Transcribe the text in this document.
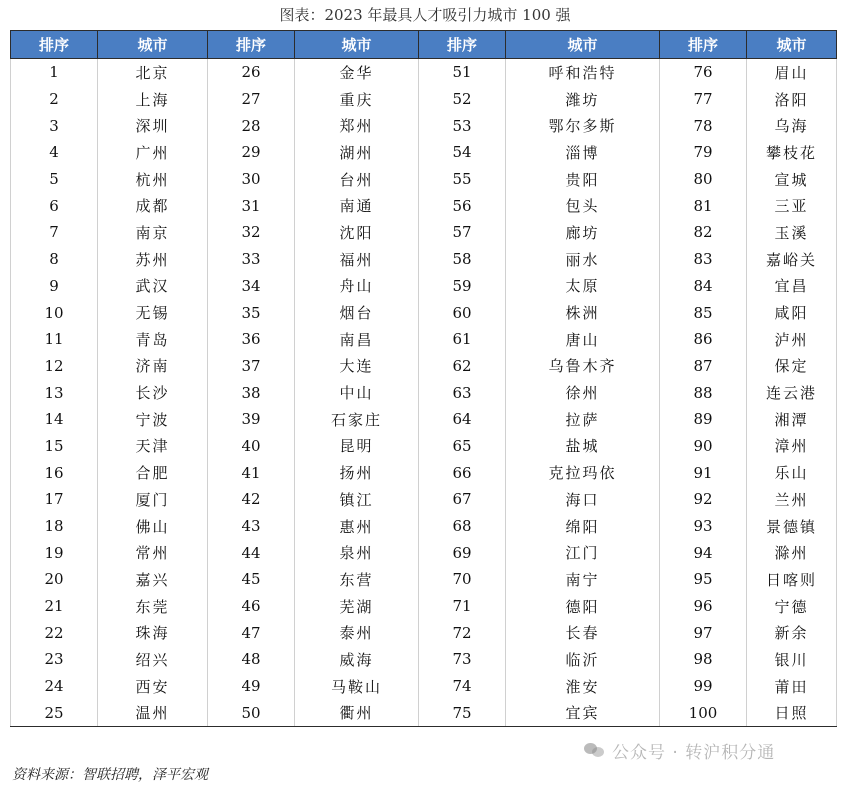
图表：2023 年最具人才吸引力城市 100 强
排序	城市	排序	城市	排序	城市	排序	城市
1	北京	26	金华	51	呼和浩特	76	眉山
2	上海	27	重庆	52	潍坊	77	洛阳
3	深圳	28	郑州	53	鄂尔多斯	78	乌海
4	广州	29	湖州	54	淄博	79	攀枝花
5	杭州	30	台州	55	贵阳	80	宣城
6	成都	31	南通	56	包头	81	三亚
7	南京	32	沈阳	57	廊坊	82	玉溪
8	苏州	33	福州	58	丽水	83	嘉峪关
9	武汉	34	舟山	59	太原	84	宜昌
10	无锡	35	烟台	60	株洲	85	咸阳
11	青岛	36	南昌	61	唐山	86	泸州
12	济南	37	大连	62	乌鲁木齐	87	保定
13	长沙	38	中山	63	徐州	88	连云港
14	宁波	39	石家庄	64	拉萨	89	湘潭
15	天津	40	昆明	65	盐城	90	漳州
16	合肥	41	扬州	66	克拉玛依	91	乐山
17	厦门	42	镇江	67	海口	92	兰州
18	佛山	43	惠州	68	绵阳	93	景德镇
19	常州	44	泉州	69	江门	94	滁州
20	嘉兴	45	东营	70	南宁	95	日喀则
21	东莞	46	芜湖	71	德阳	96	宁德
22	珠海	47	泰州	72	长春	97	新余
23	绍兴	48	威海	73	临沂	98	银川
24	西安	49	马鞍山	74	淮安	99	莆田
25	温州	50	衢州	75	宜宾	100	日照
资料来源：智联招聘，泽平宏观
公众号 · 转沪积分通
